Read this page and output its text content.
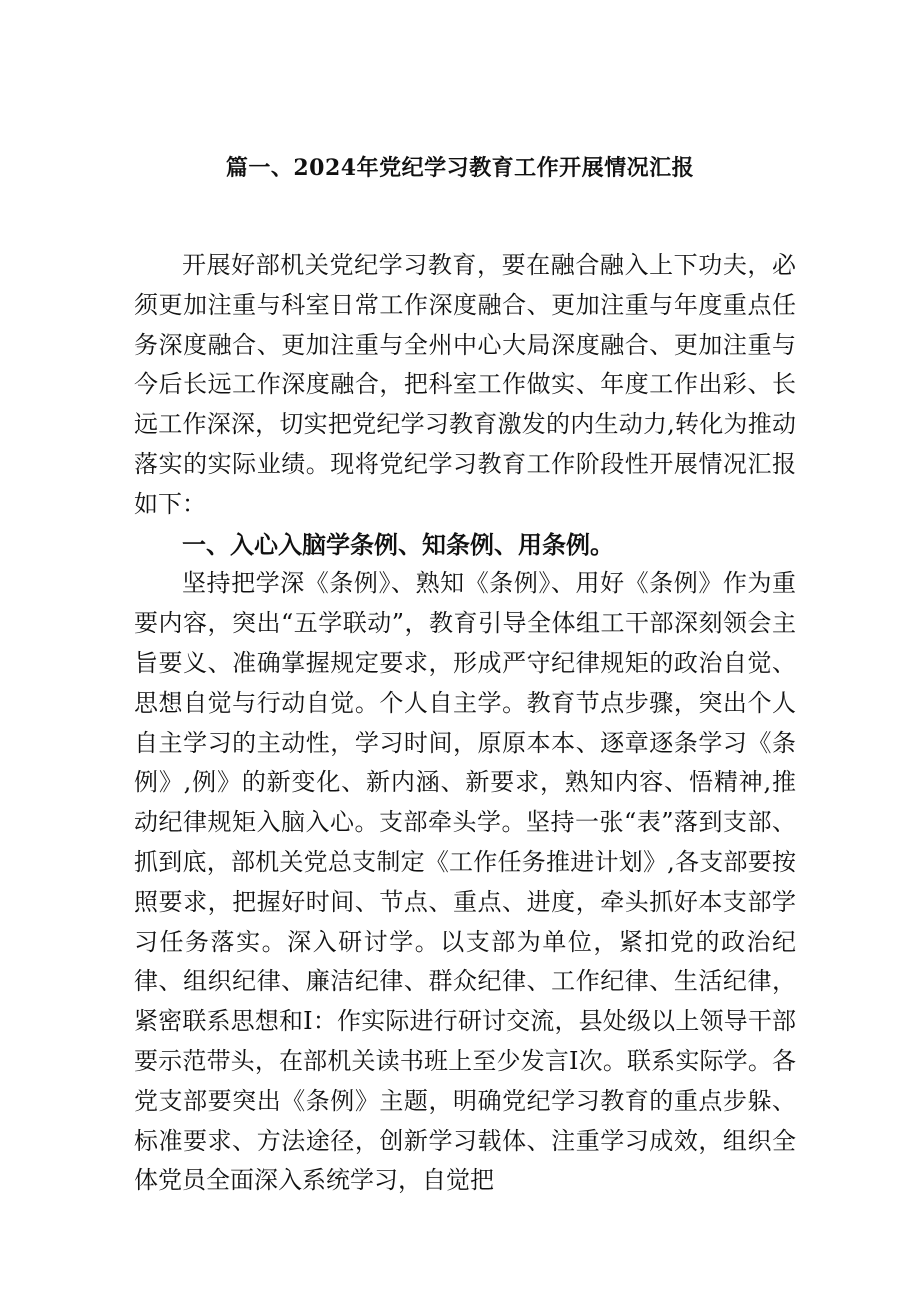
篇一、2024年党纪学习教育工作开展情况汇报

开展好部机关党纪学习教育，要在融合融入上下功夫，必须更加注重与科室日常工作深度融合、更加注重与年度重点任务深度融合、更加注重与全州中心大局深度融合、更加注重与今后长远工作深度融合，把科室工作做实、年度工作出彩、长远工作深深，切实把党纪学习教育激发的内生动力,转化为推动落实的实际业绩。现将党纪学习教育工作阶段性开展情况汇报如下：

一、入心入脑学条例、知条例、用条例。

坚持把学深《条例》、熟知《条例》、用好《条例》作为重要内容，突出“五学联动”，教育引导全体组工干部深刻领会主旨要义、准确掌握规定要求，形成严守纪律规矩的政治自觉、思想自觉与行动自觉。个人自主学。教育节点步骤，突出个人自主学习的主动性，学习时间，原原本本、逐章逐条学习《条例》,例》的新变化、新内涵、新要求，熟知内容、悟精神,推动纪律规矩入脑入心。支部牵头学。坚持一张“表”落到支部、抓到底，部机关党总支制定《工作任务推进计划》,各支部要按照要求，把握好时间、节点、重点、进度，牵头抓好本支部学习任务落实。深入研讨学。以支部为单位，紧扣党的政治纪律、组织纪律、廉洁纪律、群众纪律、工作纪律、生活纪律，紧密联系思想和I：作实际进行研讨交流，县处级以上领导干部要示范带头，在部机关读书班上至少发言I次。联系实际学。各党支部要突出《条例》主题，明确党纪学习教育的重点步躲、标准要求、方法途径，创新学习载体、注重学习成效，组织全体党员全面深入系统学习，自觉把
